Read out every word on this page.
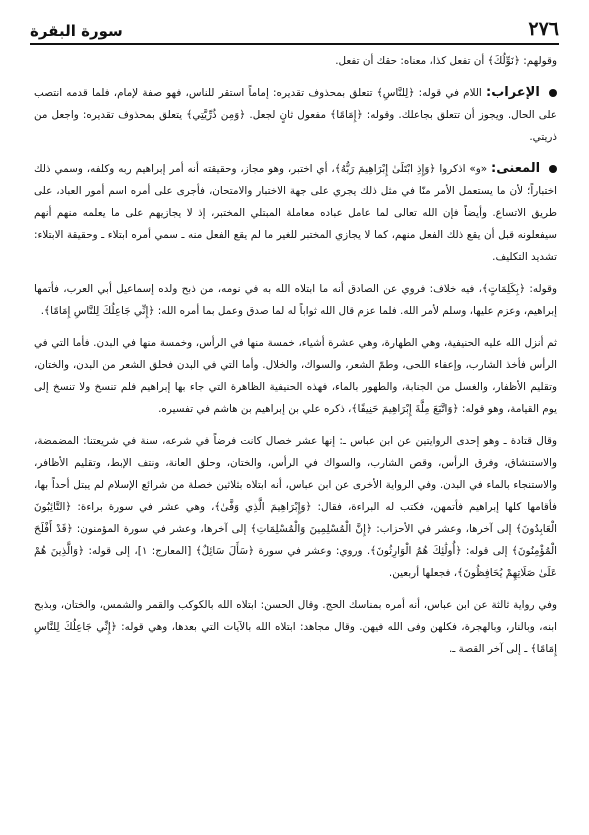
٢٧٦
سورة البقرة

وقولهم: ﴿نَوِّلُكَ﴾ أن تفعل كذا، معناه: حقك أن تفعل.

الإعراب: اللام في قوله: ﴿لِلنَّاسِ﴾ تتعلق بمحذوف تقديره: إماماً استقر للناس، فهو صفة لإمام، فلما قدمه انتصب على الحال. ويجوز أن تتعلق بجاعلك. وقوله: ﴿إِمَامًا﴾ مفعول ثانٍ لجعل. ﴿وَمِن ذُرِّيَّتِي﴾ يتعلق بمحذوف تقديره: واجعل من ذريتي.

المعنى: «و» اذكروا ﴿وَإِذِ ابْتَلَىٰ إِبْرَاهِيمَ رَبُّهُ﴾، أي اختبر، وهو مجاز، وحقيقته أنه أمر إبراهيم ربه وكلفه، وسمي ذلك اختباراً؛ لأن ما يستعمل الأمر منّا في مثل ذلك يجري على جهة الاختبار والامتحان، فأجرى على أمره اسم أمور العباد، على طريق الاتساع. وأيضاً فإن الله تعالى لما عامل عباده معاملة المبتلي المختبر، إذ لا يجازيهم على ما يعلمه منهم أنهم سيفعلونه قبل أن يقع ذلك الفعل منهم، كما لا يجازي المختبر للغير ما لم يقع الفعل منه ـ سمي أمره ابتلاء ـ وحقيقة الابتلاء: تشديد التكليف.

وقوله: ﴿بِكَلِمَاتٍ﴾، فيه خلاف: فروي عن الصادق أنه ما ابتلاه الله به في نومه، من ذبح ولده إسماعيل أبي العرب، فأتمها إبراهيم، وعزم عليها، وسلم لأمر الله. فلما عزم قال الله ثواباً له لما صدق وعمل بما أمره الله: ﴿إِنِّي جَاعِلُكَ لِلنَّاسِ إِمَامًا﴾.

ثم أنزل الله عليه الحنيفية، وهي الطهارة، وهي عشرة أشياء، خمسة منها في الرأس، وخمسة منها في البدن. فأما التي في الرأس فأخذ الشارب، وإعفاء اللحى، وطمّ الشعر، والسواك، والخلال. وأما التي في البدن فحلق الشعر من البدن، والختان، وتقليم الأظفار، والغسل من الجنابة، والطهور بالماء، فهذه الحنيفية الظاهرة التي جاء بها إبراهيم فلم تنسخ ولا تنسخ إلى يوم القيامة، وهو قوله: ﴿وَاتَّبَعَ مِلَّةَ إِبْرَاهِيمَ حَنِيفًا﴾، ذكره علي بن إبراهيم بن هاشم في تفسيره.

وقال قتادة ـ وهو إحدى الروايتين عن ابن عباس ـ: إنها عشر خصال كانت فرضاً في شرعه، سنة في شريعتنا: المضمضة، والاستنشاق، وفرق الرأس، وقص الشارب، والسواك في الرأس، والختان، وحلق العانة، ونتف الإبط، وتقليم الأظافر، والاستنجاء بالماء في البدن. وفي الرواية الأخرى عن ابن عباس، أنه ابتلاه بثلاثين خصلة من شرائع الإسلام لم يبتل أحداً بها، فأقامها كلها إبراهيم فأتمهن، فكتب له البراءة، فقال: ﴿وَإِبْرَاهِيمَ الَّذِي وَفَّىٰ﴾، وهي عشر في سورة براءة: ﴿التَّائِبُونَ الْعَابِدُونَ﴾ إلى آخرها، وعشر في الأحزاب: ﴿إِنَّ الْمُسْلِمِينَ وَالْمُسْلِمَاتِ﴾ إلى آخرها، وعشر في سورة المؤمنون: ﴿قَدْ أَفْلَحَ الْمُؤْمِنُونَ﴾ إلى قوله: ﴿أُولَٰئِكَ هُمُ الْوَارِثُونَ﴾. وروي: وعشر في سورة ﴿سَأَلَ سَائِلٌ﴾ [المعارج: ١]، إلى قوله: ﴿وَالَّذِينَ هُمْ عَلَىٰ صَلَاتِهِمْ يُحَافِظُونَ﴾، فجعلها أربعين.

وفي رواية ثالثة عن ابن عباس، أنه أمره بمناسك الحج. وقال الحسن: ابتلاه الله بالكوكب والقمر والشمس، والختان، وبذبح ابنه، وبالنار، وبالهجرة، فكلهن وفى الله فيهن. وقال مجاهد: ابتلاه الله بالآيات التي بعدها، وهي قوله: ﴿إِنِّي جَاعِلُكَ لِلنَّاسِ إِمَامًا﴾ ـ إلى آخر القصة ـ.
